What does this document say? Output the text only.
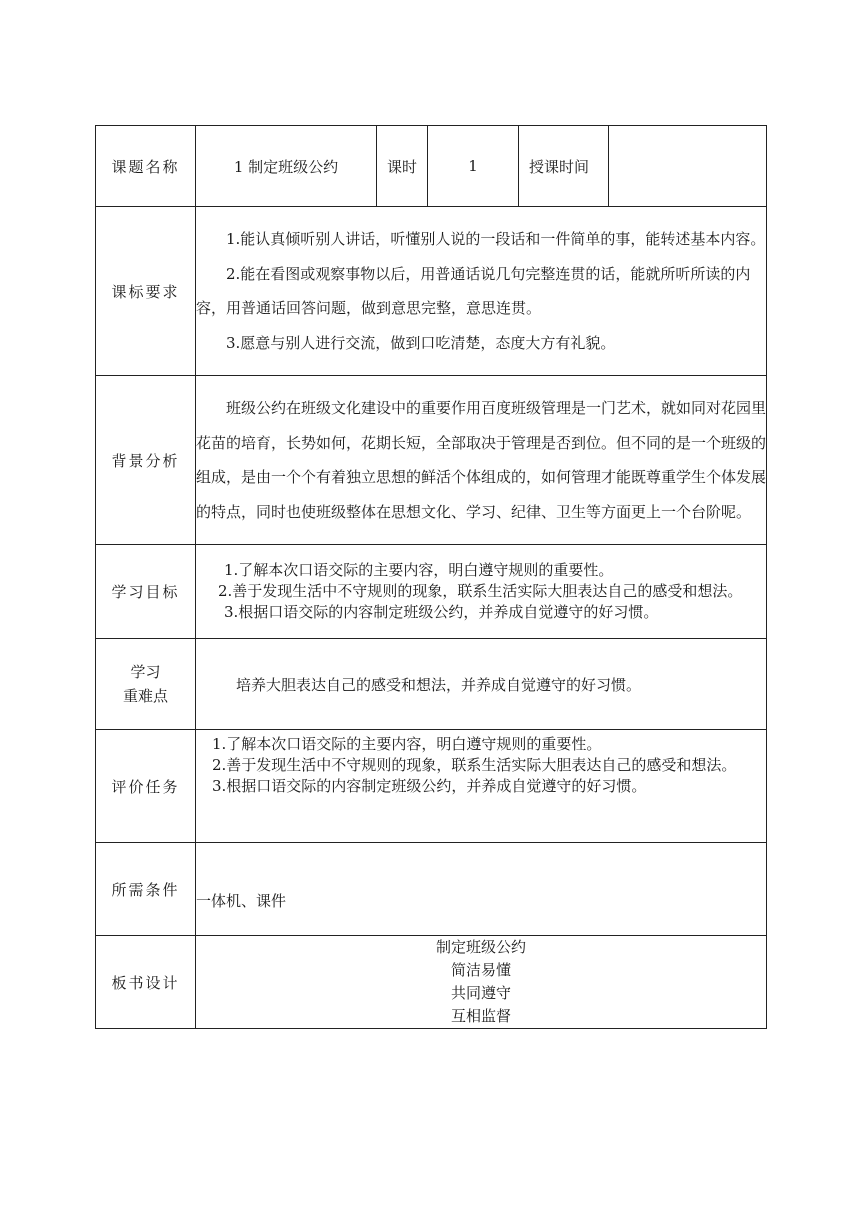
课题名称	1 制定班级公约	课时	1	授课时间	
课标要求	1.能认真倾听别人讲话，听懂别人说的一段话和一件简单的事，能转述基本内容。

2.能在看图或观察事物以后，用普通话说几句完整连贯的话，能就所听所读的内容，用普通话回答问题，做到意思完整，意思连贯。

3.愿意与别人进行交流，做到口吃清楚，态度大方有礼貌。				

背景分析	班级公约在班级文化建设中的重要作用百度班级管理是一门艺术，就如同对花园里花苗的培育，长势如何，花期长短，全部取决于管理是否到位。但不同的是一个班级的组成，是由一个个有着独立思想的鲜活个体组成的，如何管理才能既尊重学生个体发展的特点，同时也使班级整体在思想文化、学习、纪律、卫生等方面更上一个台阶呢。				

学习目标	1.了解本次口语交际的主要内容，明白遵守规则的重要性。

2.善于发现生活中不守规则的现象，联系生活实际大胆表达自己的感受和想法。

3.根据口语交际的内容制定班级公约，并养成自觉遵守的好习惯。				

学习
重难点	培养大胆表达自己的感受和想法，并养成自觉遵守的好习惯。				
评价任务	1.了解本次口语交际的主要内容，明白遵守规则的重要性。

2.善于发现生活中不守规则的现象，联系生活实际大胆表达自己的感受和想法。

3.根据口语交际的内容制定班级公约，并养成自觉遵守的好习惯。				

所需条件	一体机、课件				
板书设计	制定班级公约
简洁易懂
共同遵守
互相监督				
